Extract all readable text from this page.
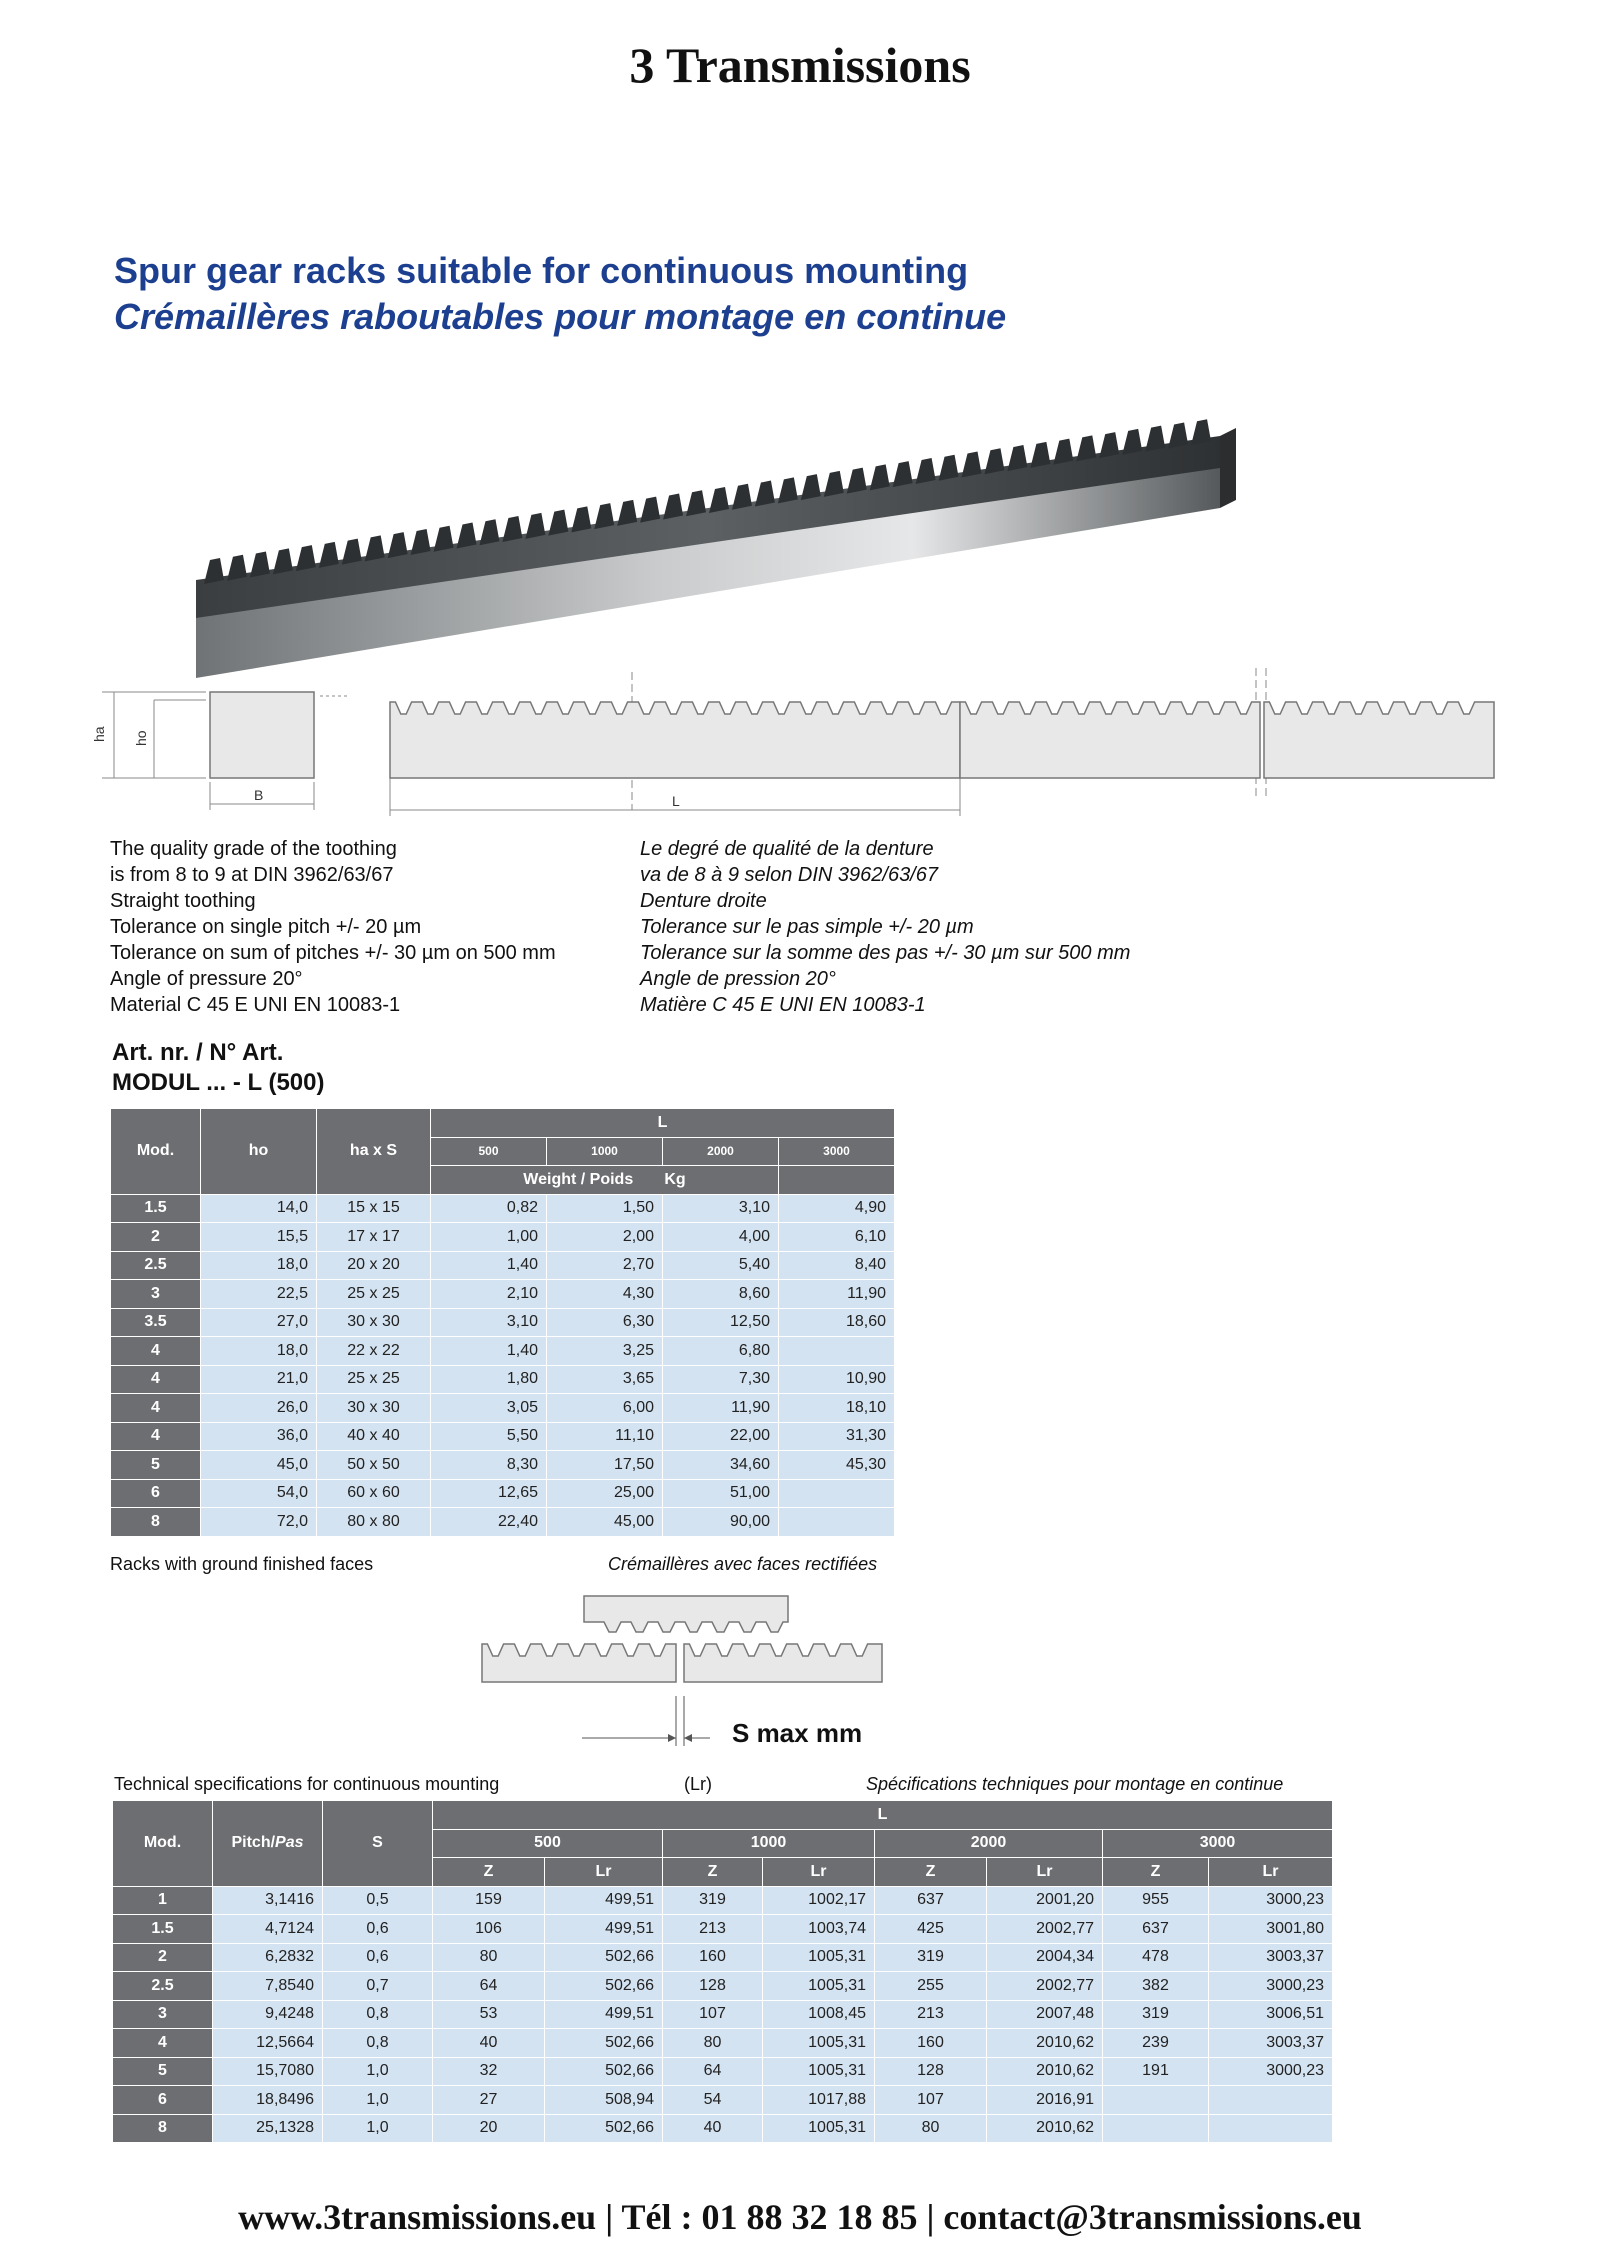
3 Transmissions
Spur gear racks suitable for continuous mounting
Crémaillères raboutables pour montage en continue
ha ho
B	L
The quality grade of the toothing
is from 8 to 9 at DIN 3962/63/67
Straight toothing
Tolerance on single pitch +/- 20 µm
Tolerance on sum of pitches +/- 30 µm on 500 mm
Angle of pressure 20°
Material C 45 E UNI EN 10083-1
Le degré de qualité de la denture
va de 8 à 9 selon DIN 3962/63/67
Denture droite
Tolerance sur le pas simple +/- 20 µm
Tolerance sur la somme des pas +/- 30 µm sur 500 mm
Angle de pression 20°
Matière C 45 E UNI EN 10083-1
Art. nr. / N° Art.
MODUL ... - L (500)
Mod.	ho	ha x S	L			
			500	1000	2000	3000
			Weight / Poids Kg			
1.5	14,0	15 x 15	0,82	1,50	3,10	4,90
2	15,5	17 x 17	1,00	2,00	4,00	6,10
2.5	18,0	20 x 20	1,40	2,70	5,40	8,40
3	22,5	25 x 25	2,10	4,30	8,60	11,90
3.5	27,0	30 x 30	3,10	6,30	12,50	18,60
4	18,0	22 x 22	1,40	3,25	6,80	
4	21,0	25 x 25	1,80	3,65	7,30	10,90
4	26,0	30 x 30	3,05	6,00	11,90	18,10
4	36,0	40 x 40	5,50	11,10	22,00	31,30
5	45,0	50 x 50	8,30	17,50	34,60	45,30
6	54,0	60 x 60	12,65	25,00	51,00	
8	72,0	80 x 80	22,40	45,00	90,00	
Racks with ground finished faces	Crémaillères avec faces rectifiées
S max mm
Technical specifications for continuous mounting	(Lr)	Spécifications techniques pour montage en continue
Mod.	Pitch/Pas	S	L							
			500		1000		2000		3000	
			Z	Lr	Z	Lr	Z	Lr	Z	Lr
1	3,1416	0,5	159	499,51	319	1002,17	637	2001,20	955	3000,23
1.5	4,7124	0,6	106	499,51	213	1003,74	425	2002,77	637	3001,80
2	6,2832	0,6	80	502,66	160	1005,31	319	2004,34	478	3003,37
2.5	7,8540	0,7	64	502,66	128	1005,31	255	2002,77	382	3000,23
3	9,4248	0,8	53	499,51	107	1008,45	213	2007,48	319	3006,51
4	12,5664	0,8	40	502,66	80	1005,31	160	2010,62	239	3003,37
5	15,7080	1,0	32	502,66	64	1005,31	128	2010,62	191	3000,23
6	18,8496	1,0	27	508,94	54	1017,88	107	2016,91		
8	25,1328	1,0	20	502,66	40	1005,31	80	2010,62		
www.3transmissions.eu | Tél : 01 88 32 18 85 | contact@3transmissions.eu
